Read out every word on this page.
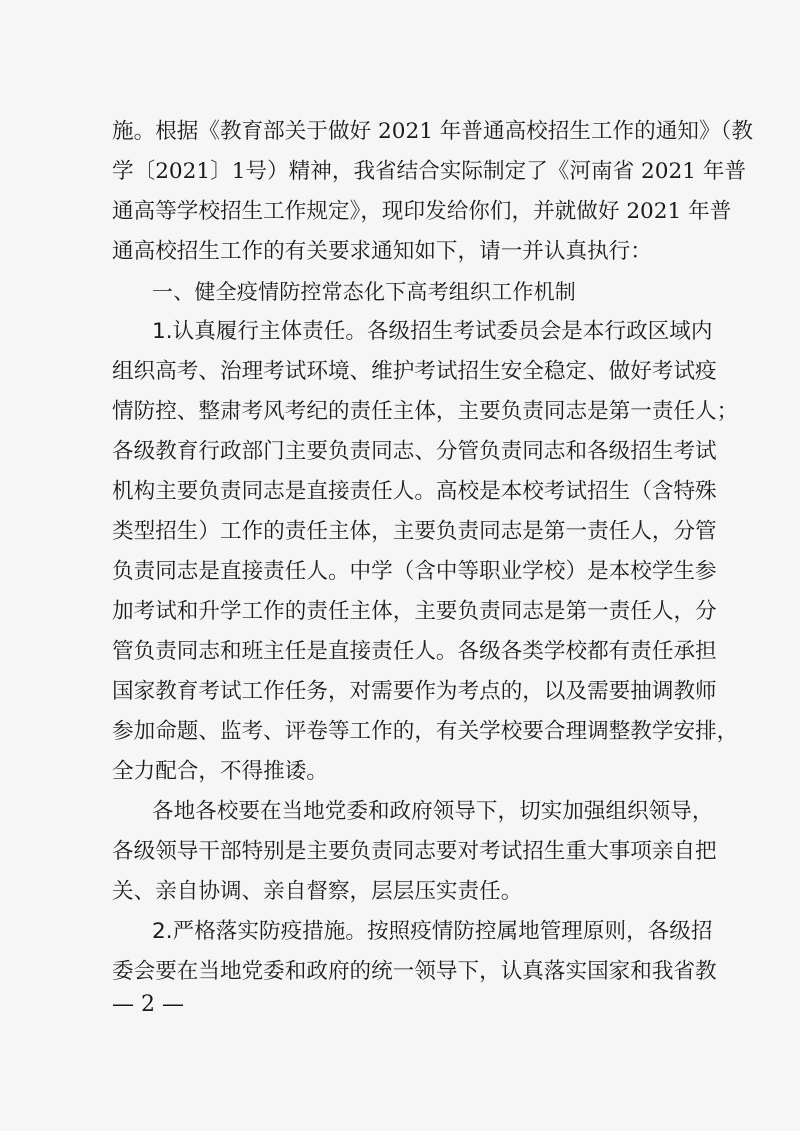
施。根据《教育部关于做好 2021 年普通高校招生工作的通知》（教
学〔2021〕1号）精神，我省结合实际制定了《河南省 2021 年普
通高等学校招生工作规定》，现印发给你们，并就做好 2021 年普
通高校招生工作的有关要求通知如下，请一并认真执行：
一、健全疫情防控常态化下高考组织工作机制
1.认真履行主体责任。各级招生考试委员会是本行政区域内
组织高考、治理考试环境、维护考试招生安全稳定、做好考试疫
情防控、整肃考风考纪的责任主体，主要负责同志是第一责任人；
各级教育行政部门主要负责同志、分管负责同志和各级招生考试
机构主要负责同志是直接责任人。高校是本校考试招生（含特殊
类型招生）工作的责任主体，主要负责同志是第一责任人，分管
负责同志是直接责任人。中学（含中等职业学校）是本校学生参
加考试和升学工作的责任主体，主要负责同志是第一责任人，分
管负责同志和班主任是直接责任人。各级各类学校都有责任承担
国家教育考试工作任务，对需要作为考点的，以及需要抽调教师
参加命题、监考、评卷等工作的，有关学校要合理调整教学安排，
全力配合，不得推诿。
各地各校要在当地党委和政府领导下，切实加强组织领导，
各级领导干部特别是主要负责同志要对考试招生重大事项亲自把
关、亲自协调、亲自督察，层层压实责任。
2.严格落实防疫措施。按照疫情防控属地管理原则，各级招
委会要在当地党委和政府的统一领导下，认真落实国家和我省教
— 2 —
